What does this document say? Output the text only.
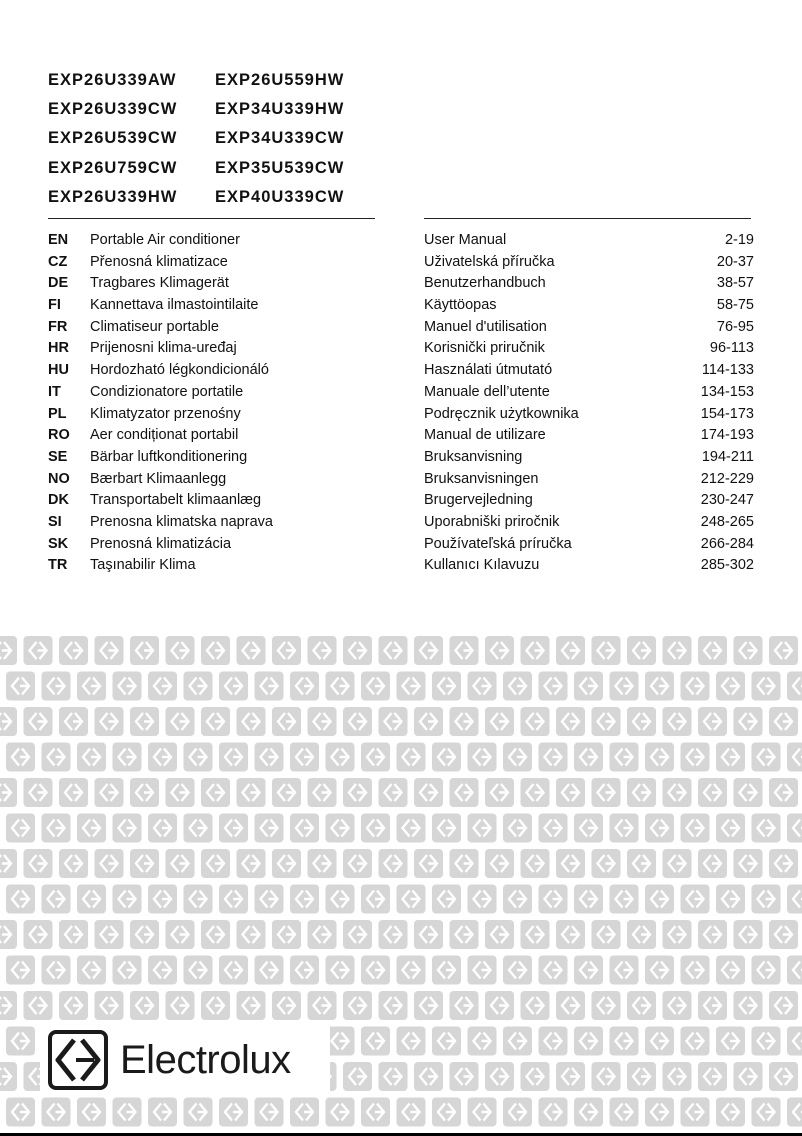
EXP26U339AW	EXP26U559HW
EXP26U339CW	EXP34U339HW
EXP26U539CW	EXP34U339CW
EXP26U759CW	EXP35U539CW
EXP26U339HW	EXP40U339CW
EN Portable Air conditioner	User Manual	2-19
CZ Přenosná klimatizace	Uživatelská příručka	20-37
DE Tragbares Klimagerät	Benutzerhandbuch	38-57
FI Kannettava ilmastointilaite	Käyttöopas	58-75
FR Climatiseur portable	Manuel d'utilisation	76-95
HR Prijenosni klima-uređaj	Korisnički priručnik	96-113
HU Hordozható légkondicionáló	Használati útmutató	114-133
IT Condizionatore portatile	Manuale dell’utente	134-153
PL Klimatyzator przenośny	Podręcznik użytkownika	154-173
RO Aer condiționat portabil	Manual de utilizare	174-193
SE Bärbar luftkonditionering	Bruksanvisning	194-211
NO Bærbart Klimaanlegg	Bruksanvisningen	212-229
DK Transportabelt klimaanlæg	Brugervejledning	230-247
SI Prenosna klimatska naprava	Uporabniški priročnik	248-265
SK Prenosná klimatizácia	Používateľská príručka	266-284
TR Taşınabilir Klima	Kullanıcı Kılavuzu	285-302
Electrolux
